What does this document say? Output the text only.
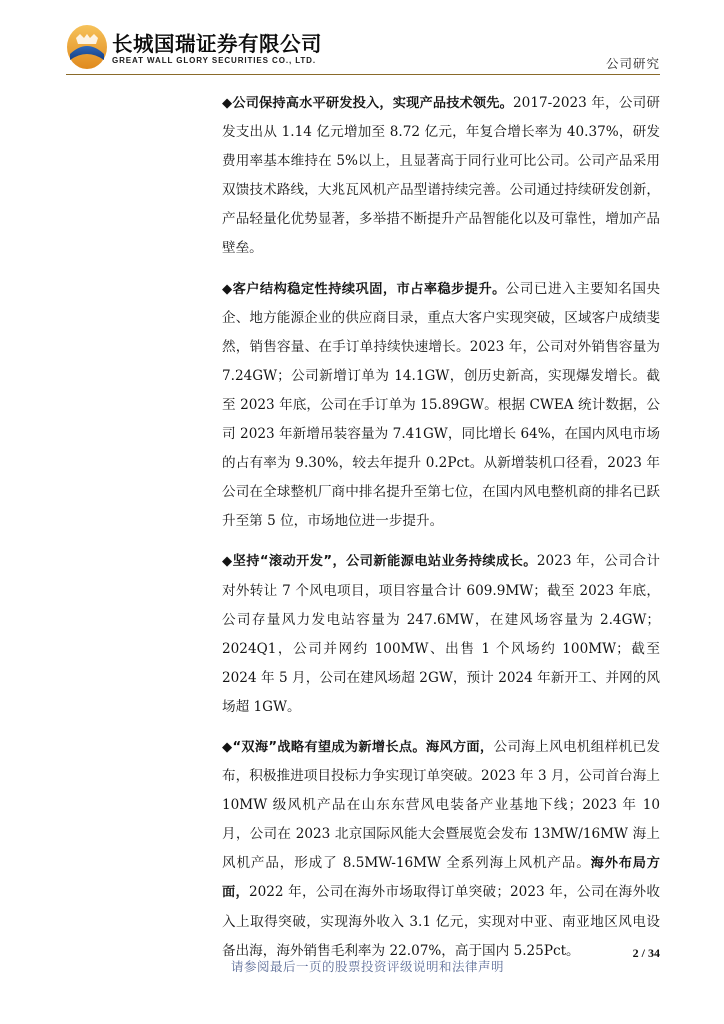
长城国瑞证券有限公司
GREAT WALL GLORY SECURITIES CO., LTD.	公司研究

◆公司保持高水平研发投入，实现产品技术领先。2017-2023 年，公司研发支出从 1.14 亿元增加至 8.72 亿元，年复合增长率为 40.37%，研发费用率基本维持在 5%以上，且显著高于同行业可比公司。公司产品采用双馈技术路线，大兆瓦风机产品型谱持续完善。公司通过持续研发创新，产品轻量化优势显著，多举措不断提升产品智能化以及可靠性，增加产品壁垒。

◆客户结构稳定性持续巩固，市占率稳步提升。公司已进入主要知名国央企、地方能源企业的供应商目录，重点大客户实现突破，区域客户成绩斐然，销售容量、在手订单持续快速增长。2023 年，公司对外销售容量为 7.24GW；公司新增订单为 14.1GW，创历史新高，实现爆发增长。截至 2023 年底，公司在手订单为 15.89GW。根据 CWEA 统计数据，公司 2023 年新增吊装容量为 7.41GW，同比增长 64%，在国内风电市场的占有率为 9.30%，较去年提升 0.2Pct。从新增装机口径看，2023 年公司在全球整机厂商中排名提升至第七位，在国内风电整机商的排名已跃升至第 5 位，市场地位进一步提升。

◆坚持“滚动开发”，公司新能源电站业务持续成长。2023 年，公司合计对外转让 7 个风电项目，项目容量合计 609.9MW；截至 2023 年底，公司存量风力发电站容量为 247.6MW，在建风场容量为 2.4GW；2024Q1，公司并网约 100MW、出售 1 个风场约 100MW；截至 2024 年 5 月，公司在建风场超 2GW，预计 2024 年新开工、并网的风场超 1GW。

◆“双海”战略有望成为新增长点。海风方面，公司海上风电机组样机已发布，积极推进项目投标力争实现订单突破。2023 年 3 月，公司首台海上 10MW 级风机产品在山东东营风电装备产业基地下线；2023 年 10 月，公司在 2023 北京国际风能大会暨展览会发布 13MW/16MW 海上风机产品，形成了 8.5MW-16MW 全系列海上风机产品。海外布局方面，2022 年，公司在海外市场取得订单突破；2023 年，公司在海外收入上取得突破，实现海外收入 3.1 亿元，实现对中亚、南亚地区风电设备出海，海外销售毛利率为 22.07%，高于国内 5.25Pct。	2 / 34
请参阅最后一页的股票投资评级说明和法律声明
